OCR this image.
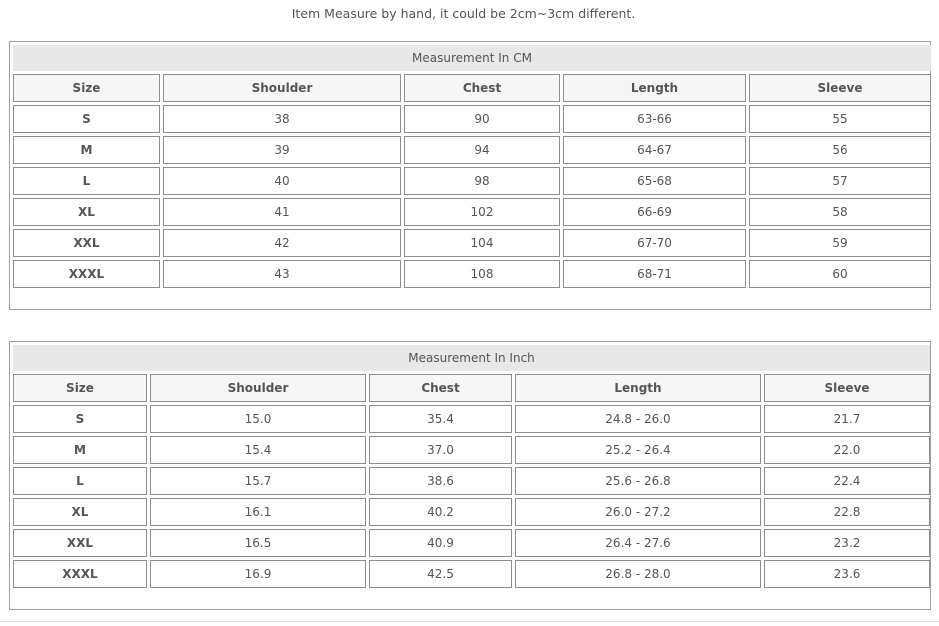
Item Measure by hand, it could be 2cm~3cm different.
Measurement In CM				
Size	Shoulder	Chest	Length	Sleeve
S	38	90	63-66	55
M	39	94	64-67	56
L	40	98	65-68	57
XL	41	102	66-69	58
XXL	42	104	67-70	59
XXXL	43	108	68-71	60
Measurement In Inch				
Size	Shoulder	Chest	Length	Sleeve
S	15.0	35.4	24.8 - 26.0	21.7
M	15.4	37.0	25.2 - 26.4	22.0
L	15.7	38.6	25.6 - 26.8	22.4
XL	16.1	40.2	26.0 - 27.2	22.8
XXL	16.5	40.9	26.4 - 27.6	23.2
XXXL	16.9	42.5	26.8 - 28.0	23.6
